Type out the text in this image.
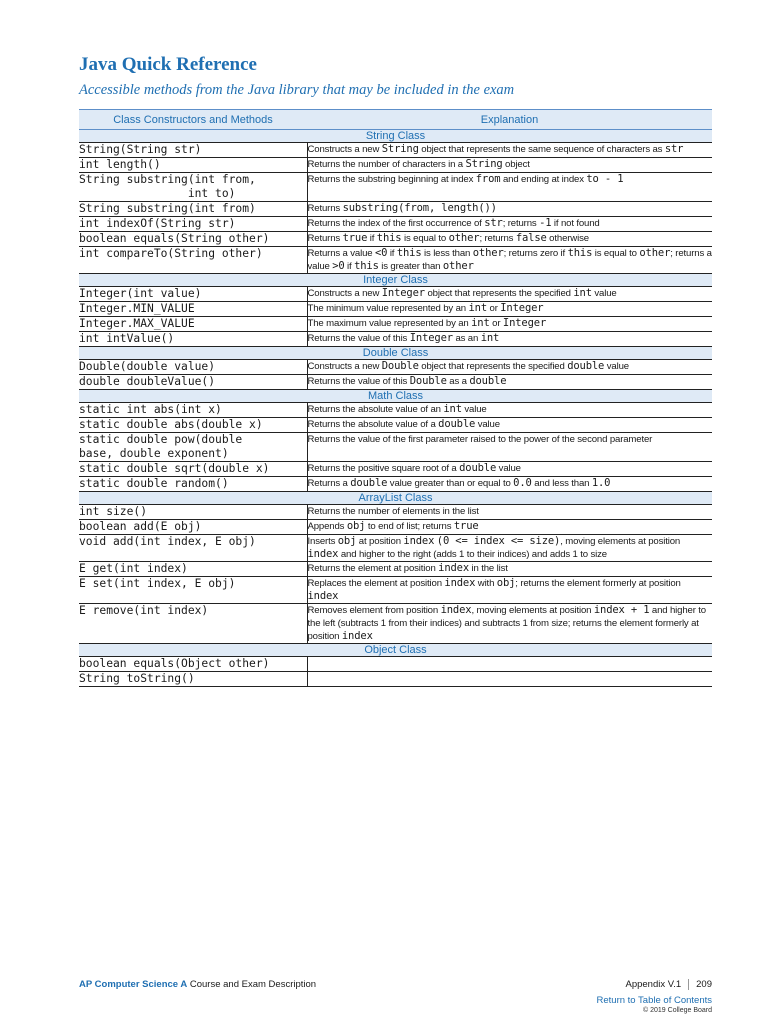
Java Quick Reference

Accessible methods from the Java library that may be included in the exam

Class Constructors and Methods	Explanation
String Class	
String(String str)	Constructs a new String object that represents the same sequence of characters as str
int length()	Returns the number of characters in a String object
String substring(int from,
int to)	Returns the substring beginning at index from and ending at index to - 1
String substring(int from)	Returns substring(from, length())
int indexOf(String str)	Returns the index of the first occurrence of str; returns -1 if not found
boolean equals(String other)	Returns true if this is equal to other; returns false otherwise
int compareTo(String other)	Returns a value <0 if this is less than other; returns zero if this is equal to other; returns a value >0 if this is greater than other
Integer Class	
Integer(int value)	Constructs a new Integer object that represents the specified int value
Integer.MIN_VALUE	The minimum value represented by an int or Integer
Integer.MAX_VALUE	The maximum value represented by an int or Integer
int intValue()	Returns the value of this Integer as an int
Double Class	
Double(double value)	Constructs a new Double object that represents the specified double value
double doubleValue()	Returns the value of this Double as a double
Math Class	
static int abs(int x)	Returns the absolute value of an int value
static double abs(double x)	Returns the absolute value of a double value
static double pow(double
base, double exponent)	Returns the value of the first parameter raised to the power of the second parameter
static double sqrt(double x)	Returns the positive square root of a double value
static double random()	Returns a double value greater than or equal to 0.0 and less than 1.0
ArrayList Class	
int size()	Returns the number of elements in the list
boolean add(E obj)	Appends obj to end of list; returns true
void add(int index, E obj)	Inserts obj at position index (0 <= index <= size), moving elements at position index and higher to the right (adds 1 to their indices) and adds 1 to size
E get(int index)	Returns the element at position index in the list
E set(int index, E obj)	Replaces the element at position index with obj; returns the element formerly at position index
E remove(int index)	Removes element from position index, moving elements at position index + 1 and higher to the left (subtracts 1 from their indices) and subtracts 1 from size; returns the element formerly at position index
Object Class	
boolean equals(Object other)	
String toString()	
AP Computer Science A Course and Exam Description	Appendix V.1 209
Return to Table of Contents
© 2019 College Board
